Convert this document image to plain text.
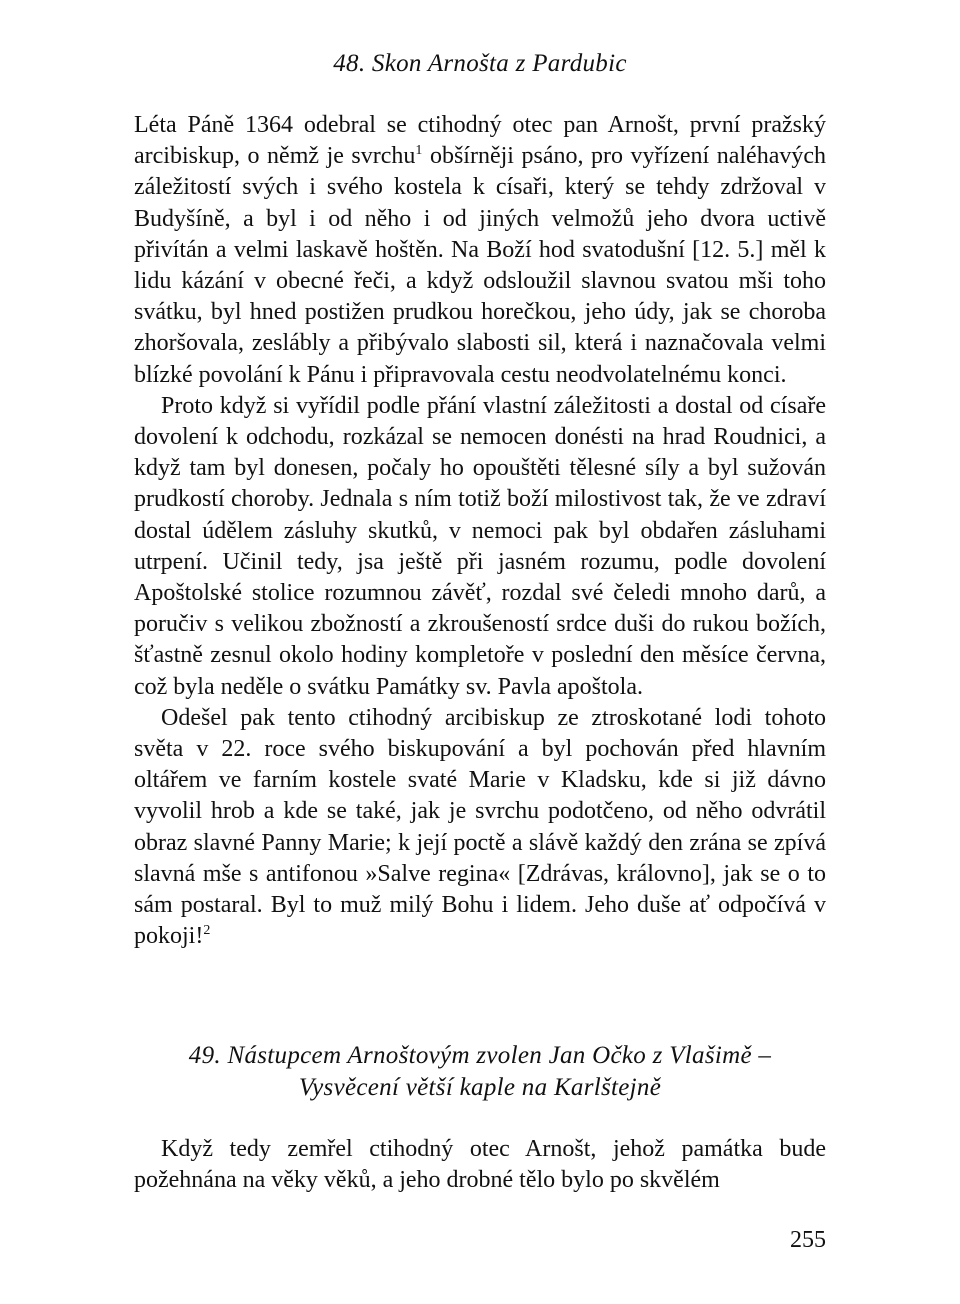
48. Skon Arnošta z Pardubic

Léta Páně 1364 odebral se ctihodný otec pan Arnošt, první pražský arcibiskup, o němž je svrchu$^1$ obšírněji psáno, pro vyřízení naléhavých záležitostí svých i svého kostela k císaři, který se tehdy zdržoval v Budyšíně, a byl i od něho i od jiných velmožů jeho dvora uctivě přivítán a velmi laskavě hoštěn. Na Boží hod svatodušní [12. 5.] měl k lidu kázání v obecné řeči, a když odsloužil slavnou svatou mši toho svátku, byl hned postižen prudkou horečkou, jeho údy, jak se choroba zhoršovala, zeslábly a přibývalo slabosti sil, která i naznačovala velmi blízké povolání k Pánu i připravovala cestu neodvolatelnému konci.

Proto když si vyřídil podle přání vlastní záležitosti a dostal od císaře dovolení k odchodu, rozkázal se nemocen donésti na hrad Roudnici, a když tam byl donesen, počaly ho opouštěti tělesné síly a byl sužován prudkostí choroby. Jednala s ním totiž boží milostivost tak, že ve zdraví dostal údělem zásluhy skutků, v nemoci pak byl obdařen zásluhami utrpení. Učinil tedy, jsa ještě při jasném rozumu, podle dovolení Apoštolské stolice rozumnou závěť, rozdal své čeledi mnoho darů, a poručiv s velikou zbožností a zkroušeností srdce duši do rukou božích, šťastně zesnul okolo hodiny kompletoře v poslední den měsíce června, což byla neděle o svátku Památky sv. Pavla apoštola.

Odešel pak tento ctihodný arcibiskup ze ztroskotané lodi tohoto světa v 22. roce svého biskupování a byl pochován před hlavním oltářem ve farním kostele svaté Marie v Kladsku, kde si již dávno vyvolil hrob a kde se také, jak je svrchu podotčeno, od něho odvrátil obraz slavné Panny Marie; k její poctě a slávě každý den zrána se zpívá slavná mše s antifonou »Salve regina« [Zdrávas, královno], jak se o to sám postaral. Byl to muž milý Bohu i lidem. Jeho duše ať odpočívá v pokoji!$^2$

49. Nástupcem Arnoštovým zvolen Jan Očko z Vlašimě –
Vysvěcení větší kaple na Karlštejně

Když tedy zemřel ctihodný otec Arnošt, jehož památka bude požehnána na věky věků, a jeho drobné tělo bylo po skvělém

255
